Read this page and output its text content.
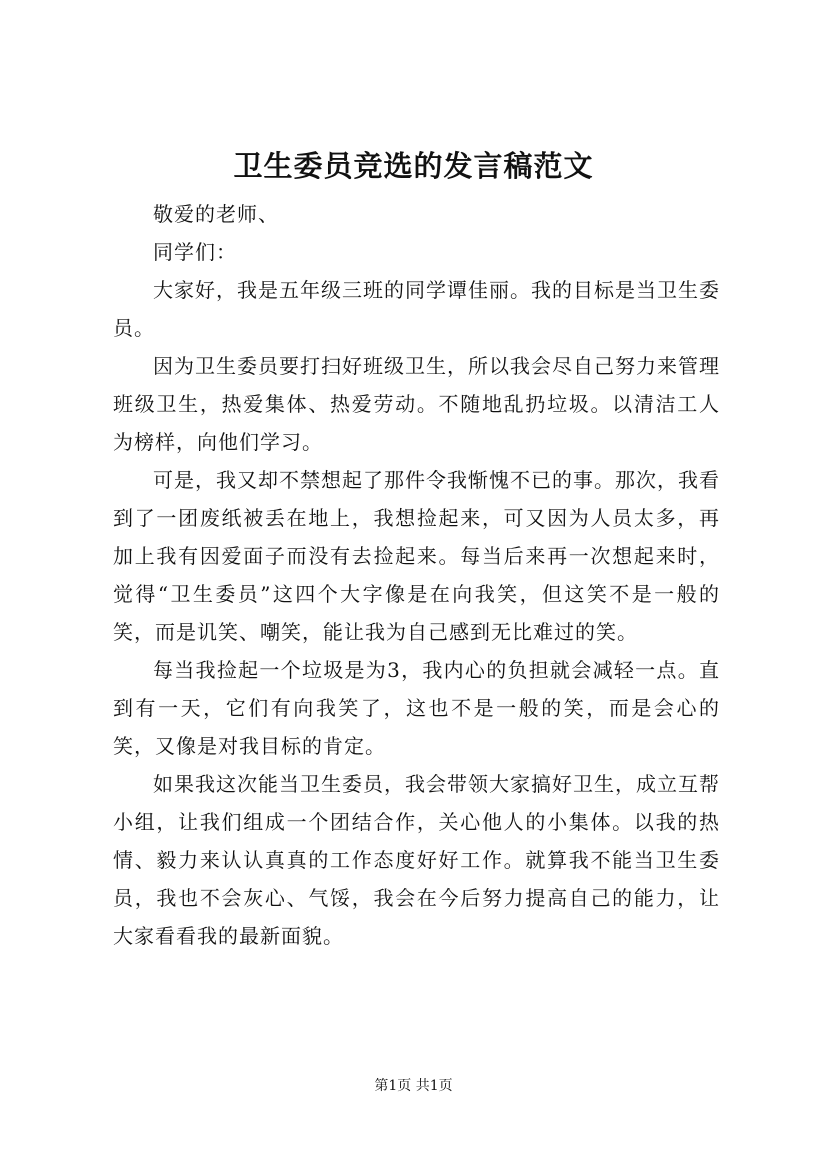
卫生委员竞选的发言稿范文

敬爱的老师、

同学们：

大家好，我是五年级三班的同学谭佳丽。我的目标是当卫生委员。

因为卫生委员要打扫好班级卫生，所以我会尽自己努力来管理班级卫生，热爱集体、热爱劳动。不随地乱扔垃圾。以清洁工人为榜样，向他们学习。

可是，我又却不禁想起了那件令我惭愧不已的事。那次，我看到了一团废纸被丢在地上，我想捡起来，可又因为人员太多，再加上我有因爱面子而没有去捡起来。每当后来再一次想起来时，觉得“卫生委员”这四个大字像是在向我笑，但这笑不是一般的笑，而是讥笑、嘲笑，能让我为自己感到无比难过的笑。

每当我捡起一个垃圾是为3，我内心的负担就会减轻一点。直到有一天，它们有向我笑了，这也不是一般的笑，而是会心的笑，又像是对我目标的肯定。

如果我这次能当卫生委员，我会带领大家搞好卫生，成立互帮小组，让我们组成一个团结合作，关心他人的小集体。以我的热情、毅力来认认真真的工作态度好好工作。就算我不能当卫生委员，我也不会灰心、气馁，我会在今后努力提高自己的能力，让大家看看我的最新面貌。

第1页 共1页
